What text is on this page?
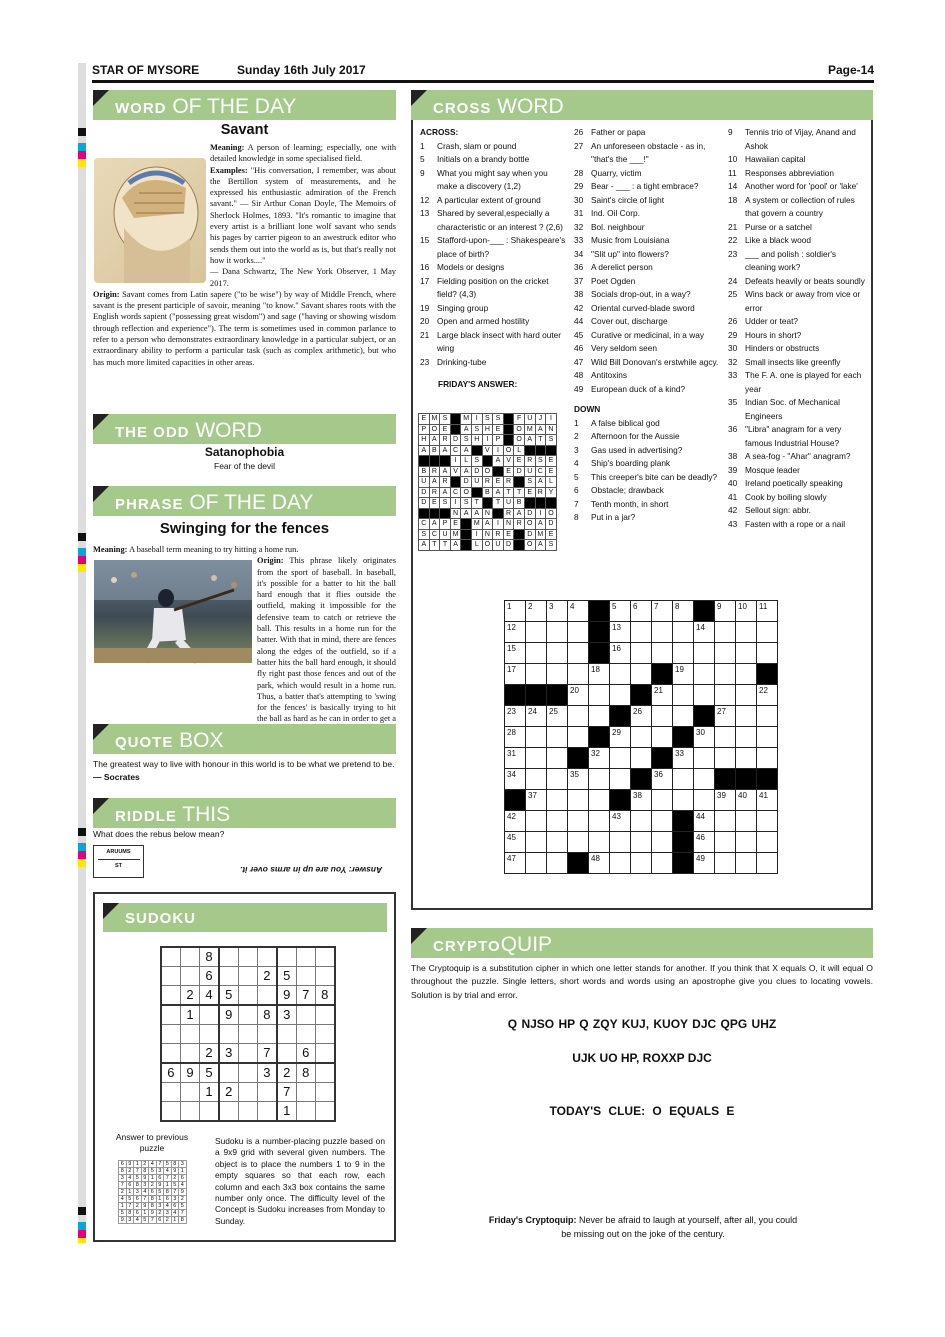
STAR OF MYSORE	Sunday 16th July 2017	Page-14
WORD OF THE DAY
Savant
Meaning: A person of learning; especially, one with detailed knowledge in some specialised field.
Examples: "His conversation, I remember, was about the Bertillon system of measurements, and he expressed his enthusiastic admiration of the French savant." — Sir Arthur Conan Doyle, The Memoirs of Sherlock Holmes, 1893. "It's romantic to imagine that every artist is a brilliant lone wolf savant who sends his pages by carrier pigeon to an awestruck editor who sends them out into the world as is, but that's really not how it works...."
— Dana Schwartz, The New York Observer, 1 May 2017.
Origin: Savant comes from Latin sapere ("to be wise") by way of Middle French, where savant is the present participle of savoir, meaning "to know." Savant shares roots with the English words sapient ("possessing great wisdom") and sage ("having or showing wisdom through reflection and experience"). The term is sometimes used in common parlance to refer to a person who demonstrates extraordinary knowledge in a particular subject, or an extraordinary ability to perform a particular task (such as complex arithmetic), but who has much more limited capacities in other areas.
THE ODD WORD
Satanophobia
Fear of the devil
PHRASE OF THE DAY
Swinging for the fences
Meaning: A baseball term meaning to try hitting a home run.
Origin: This phrase likely originates from the sport of baseball. In baseball, it's possible for a batter to hit the ball hard enough that it flies outside the outfield, making it impossible for the defensive team to catch or retrieve the ball. This results in a home run for the batter. With that in mind, there are fences along the edges of the outfield, so if a batter hits the ball hard enough, it should fly right past those fences and out of the park, which would result in a home run. Thus, a batter that's attempting to 'swing for the fences' is basically trying to hit the ball as hard as he can in order to get a
QUOTE BOX
The greatest way to live with honour in this world is to be what we pretend to be. — Socrates
RIDDLE THIS
What does the rebus below mean?
ARUUMS
ST	Answer: You are up in arms over it.
SUDOKU
		8						
		6			2	5		
	2	4	5			9	7	8
	1		9		8	3		

		2	3		7		6	
6	9	5			3	2	8	
		1	2			7		
						1		
Answer to previous puzzle
6	9	1	2	4	7	5	8	3
8	2	7	8	5	3	4	9	1
3	4	5	9	1	6	7	2	6
7	6	8	3	2	9	1	5	4
2	1	3	4	6	5	8	7	9
4	5	6	7	8	1	6	3	2
1	7	2	9	8	3	4	6	5
5	8	6	1	9	2	3	4	7
9	3	4	5	7	6	2	1	8
Sudoku is a number-placing puzzle based on a 9x9 grid with several given numbers. The object is to place the numbers 1 to 9 in the empty squares so that each row, each column and each 3x3 box contains the same number only once. The difficulty level of the Concept is Sudoku increases from Monday to Sunday.
CROSS WORD
ACROSS:
1	Crash, slam or pound
5	Initials on a brandy bottle
9	What you might say when you make a discovery (1,2)
12 A particular extent of ground
13 Shared by several,especially a characteristic or an interest ? (2,6)
15 Stafford-upon-___ : Shakespeare's place of birth?
16 Models or designs
17 Fielding position on the cricket field? (4,3)
19 Singing group
20 Open and armed hostility
21 Large black insect with hard outer wing
23 Drinking-tube
FRIDAY'S ANSWER:
26 Father or papa
27 An unforeseen obstacle - as in, "that's the ___!"
28 Quarry, victim
29 Bear - ___ : a tight embrace?
30 Saint's circle of light
31 Ind. Oil Corp.
32 Bol. neighbour
33 Music from Louisiana
34 "Slit up" into flowers?
36 A derelict person
37 Poet Ogden
38 Socials drop-out, in a way?
42 Oriental curved-blade sword
44 Cover out, discharge
45 Curative or medicinal, in a way
46 Very seldom seen
47 Wild Bill Donovan's erstwhile agcy.
48 Antitoxins
49 European duck of a kind?
DOWN
1	A false biblical god
2	Afternoon for the Aussie
3	Gas used in advertising?
4	Ship's boarding plank
5	This creeper's bite can be deadly?
6	Obstacle; drawback
7	Tenth month, in short
8	Put in a jar?
9	Tennis trio of Vijay, Anand and Ashok
10 Hawaiian capital
11	Responses abbreviation
14 Another word for 'pool' or 'lake'
18 A system or collection of rules that govern a country
21 Purse or a satchel
22 Like a black wood
23 ___ and polish : soldier's cleaning work?
24 Defeats heavily or beats soundly
25 Wins back or away from vice or error
26 Udder or teat?
29 Hours in short?
30 Hinders or obstructs
32 Small insects like greenfly
33 The F. A. one is played for each year
35 Indian Soc. of Mechanical Engineers
36 "Libra" anagram for a very famous Industrial House?
38 A sea-fog - "Ahar" anagram?
39 Mosque leader
40 Ireland poetically speaking
41 Cook by boiling slowly
42 Sellout sign: abbr.
43 Fasten with a rope or a nail
E	M	S		M	I	S	S		F	U	J	I
P	O	E		A	S	H	E		O	M	A	N
H	A	R	D	S	H	I	P		O	A	T	S
A	B	A	C	A		V	I	O	L			
			I	L	S		A	V	E	R	S	E
B	R	A	V	A	D	O		E	D	U	C	E
U	A	R		D	U	R	E	R		S	A	L
D	R	A	C	O		B	A	T	T	E	R	Y
D	E	S	I	S	T		T	U	B			
			N	A	A	N		R	A	D	I	O
C	A	P	E		M	A	I	N	R	O	A	D
S	C	U	M		I	N	R	E		D	M	E
A	T	T	A		L	O	U	D		O	A	S
1	2	3	4		5	6	7	8		9	10	11
12					13				14			
15					16							
17				18				19				
			20				21					22
23	24	25				26				27		
28					29				30			
31				32				33				
34			35				36					
	37					38				39	40	41
42					43				44			
45									46			
47				48					49			
CRYPTOQUIP
The Cryptoquip is a substitution cipher in which one letter stands for another. If you think that X equals O, it will equal O throughout the puzzle. Single letters, short words and words using an apostrophe give you clues to locating vowels. Solution is by trial and error.
Q NJSO HP Q ZQY KUJ, KUOY DJC QPG UHZ
UJK UO HP, ROXXP DJC
TODAY'S CLUE: O EQUALS E
Friday's Cryptoquip: Never be afraid to laugh at yourself, after all, you could be missing out on the joke of the century.
